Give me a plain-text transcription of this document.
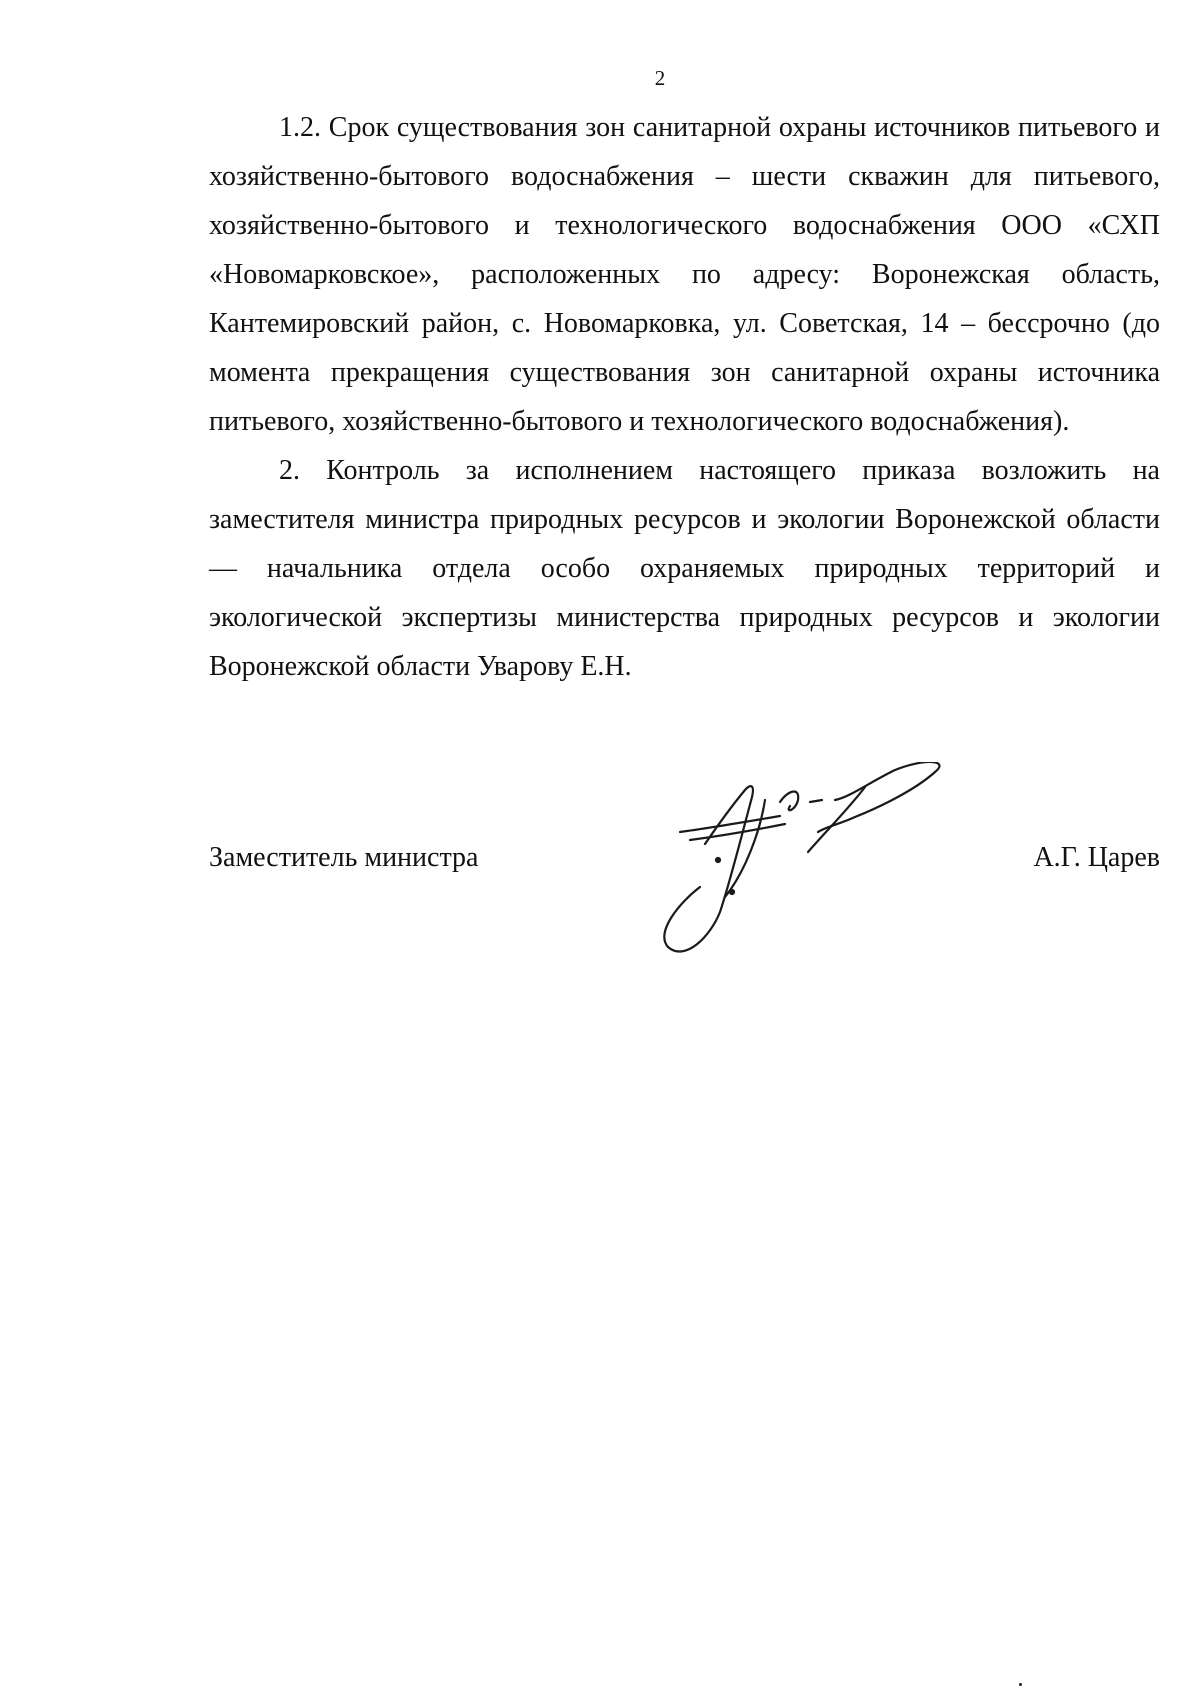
2

1.2. Срок существования зон санитарной охраны источников питьевого и хозяйственно-бытового водоснабжения – шести скважин для питьевого, хозяйственно-бытового и технологического водоснабжения ООО «СХП «Новомарковское», расположенных по адресу: Воронежская область, Кантемировский район, с. Новомарковка, ул. Советская, 14 – бессрочно (до момента прекращения существования зон санитарной охраны источника питьевого, хозяйственно-бытового и технологического водоснабжения).

2. Контроль за исполнением настоящего приказа возложить на заместителя министра природных ресурсов и экологии Воронежской области — начальника отдела особо охраняемых природных территорий и экологической экспертизы министерства природных ресурсов и экологии Воронежской области Уварову Е.Н.

Заместитель министра	А.Г. Царев
